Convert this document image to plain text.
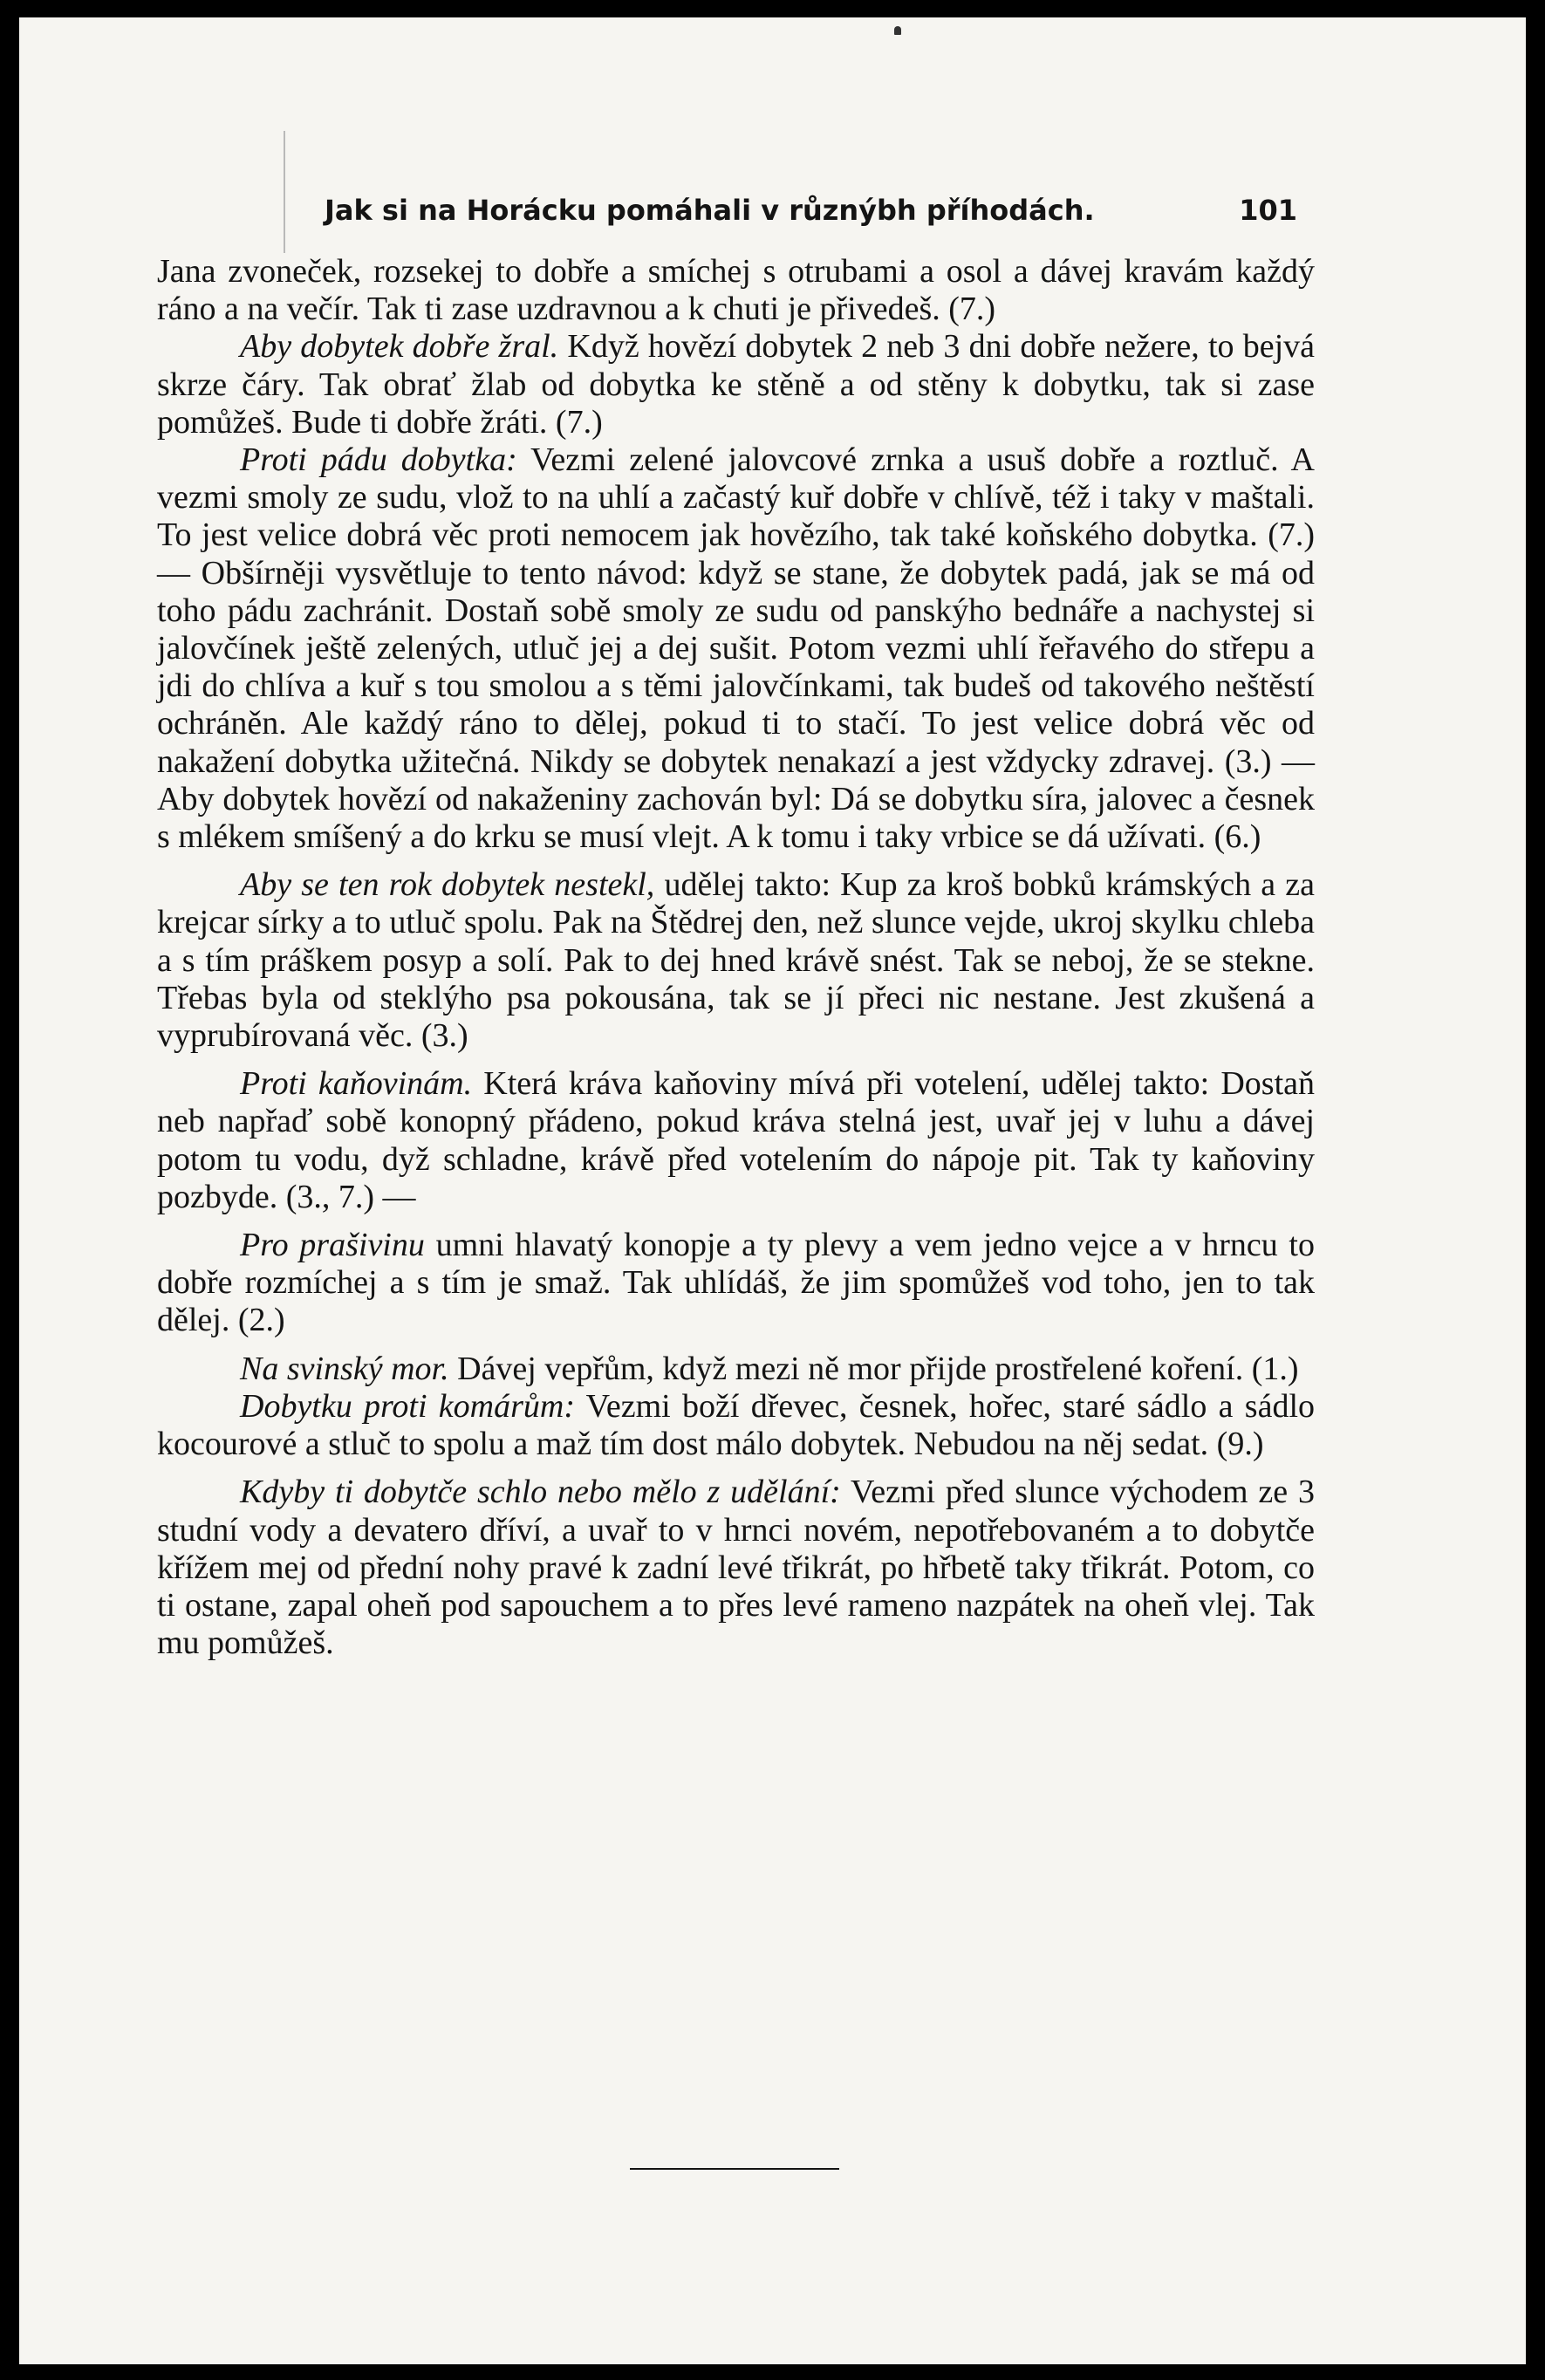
Jak si na Horácku pomáhali v různýbh příhodách.	101

Jana zvoneček, rozsekej to dobře a smíchej s otrubami a osol a dávej kravám každý ráno a na večír. Tak ti zase uzdravnou a k chuti je přivedeš. (7.)

Aby dobytek dobře žral. Když hovězí dobytek 2 neb 3 dni dobře nežere, to bejvá skrze čáry. Tak obrať žlab od dobytka ke stěně a od stěny k dobytku, tak si zase pomůžeš. Bude ti dobře žráti. (7.)

Proti pádu dobytka: Vezmi zelené jalovcové zrnka a usuš dobře a roztluč. A vezmi smoly ze sudu, vlož to na uhlí a začastý kuř dobře v chlívě, též i taky v maštali. To jest velice dobrá věc proti nemocem jak hovězího, tak také koňského dobytka. (7.) — Obšírněji vysvětluje to tento návod: když se stane, že dobytek padá, jak se má od toho pádu zachránit. Dostaň sobě smoly ze sudu od panskýho bednáře a nachystej si jalovčínek ještě zelených, utluč jej a dej sušit. Potom vezmi uhlí řeřavého do střepu a jdi do chlíva a kuř s tou smolou a s těmi jalovčínkami, tak budeš od takového neštěstí ochráněn. Ale každý ráno to dělej, pokud ti to stačí. To jest velice dobrá věc od nakažení dobytka užitečná. Nikdy se dobytek nenakazí a jest vždycky zdravej. (3.) — Aby dobytek hovězí od nakaženiny zachován byl: Dá se dobytku síra, jalovec a česnek s mlékem smíšený a do krku se musí vlejt. A k tomu i taky vrbice se dá užívati. (6.)

Aby se ten rok dobytek nestekl, udělej takto: Kup za kroš bobků krámských a za krejcar sírky a to utluč spolu. Pak na Štědrej den, než slunce vejde, ukroj skylku chleba a s tím práškem posyp a solí. Pak to dej hned krávě snést. Tak se neboj, že se stekne. Třebas byla od steklýho psa pokousána, tak se jí přeci nic nestane. Jest zkušená a vyprubírovaná věc. (3.)

Proti kaňovinám. Která kráva kaňoviny mívá při votelení, udělej takto: Dostaň neb napřaď sobě konopný přádeno, pokud kráva stelná jest, uvař jej v luhu a dávej potom tu vodu, dyž schladne, krávě před votelením do nápoje pit. Tak ty kaňoviny pozbyde. (3., 7.) —

Pro prašivinu umni hlavatý konopje a ty plevy a vem jedno vejce a v hrncu to dobře rozmíchej a s tím je smaž. Tak uhlídáš, že jim spomůžeš vod toho, jen to tak dělej. (2.)

Na svinský mor. Dávej vepřům, když mezi ně mor přijde prostřelené koření. (1.)

Dobytku proti komárům: Vezmi boží dřevec, česnek, hořec, staré sádlo a sádlo kocourové a stluč to spolu a maž tím dost málo dobytek. Nebudou na něj sedat. (9.)

Kdyby ti dobytče schlo nebo mělo z udělání: Vezmi před slunce východem ze 3 studní vody a devatero dříví, a uvař to v hrnci novém, nepotřebovaném a to dobytče křížem mej od přední nohy pravé k zadní levé třikrát, po hřbetě taky třikrát. Potom, co ti ostane, zapal oheň pod sapouchem a to přes levé rameno nazpátek na oheň vlej. Tak mu pomůžeš.
